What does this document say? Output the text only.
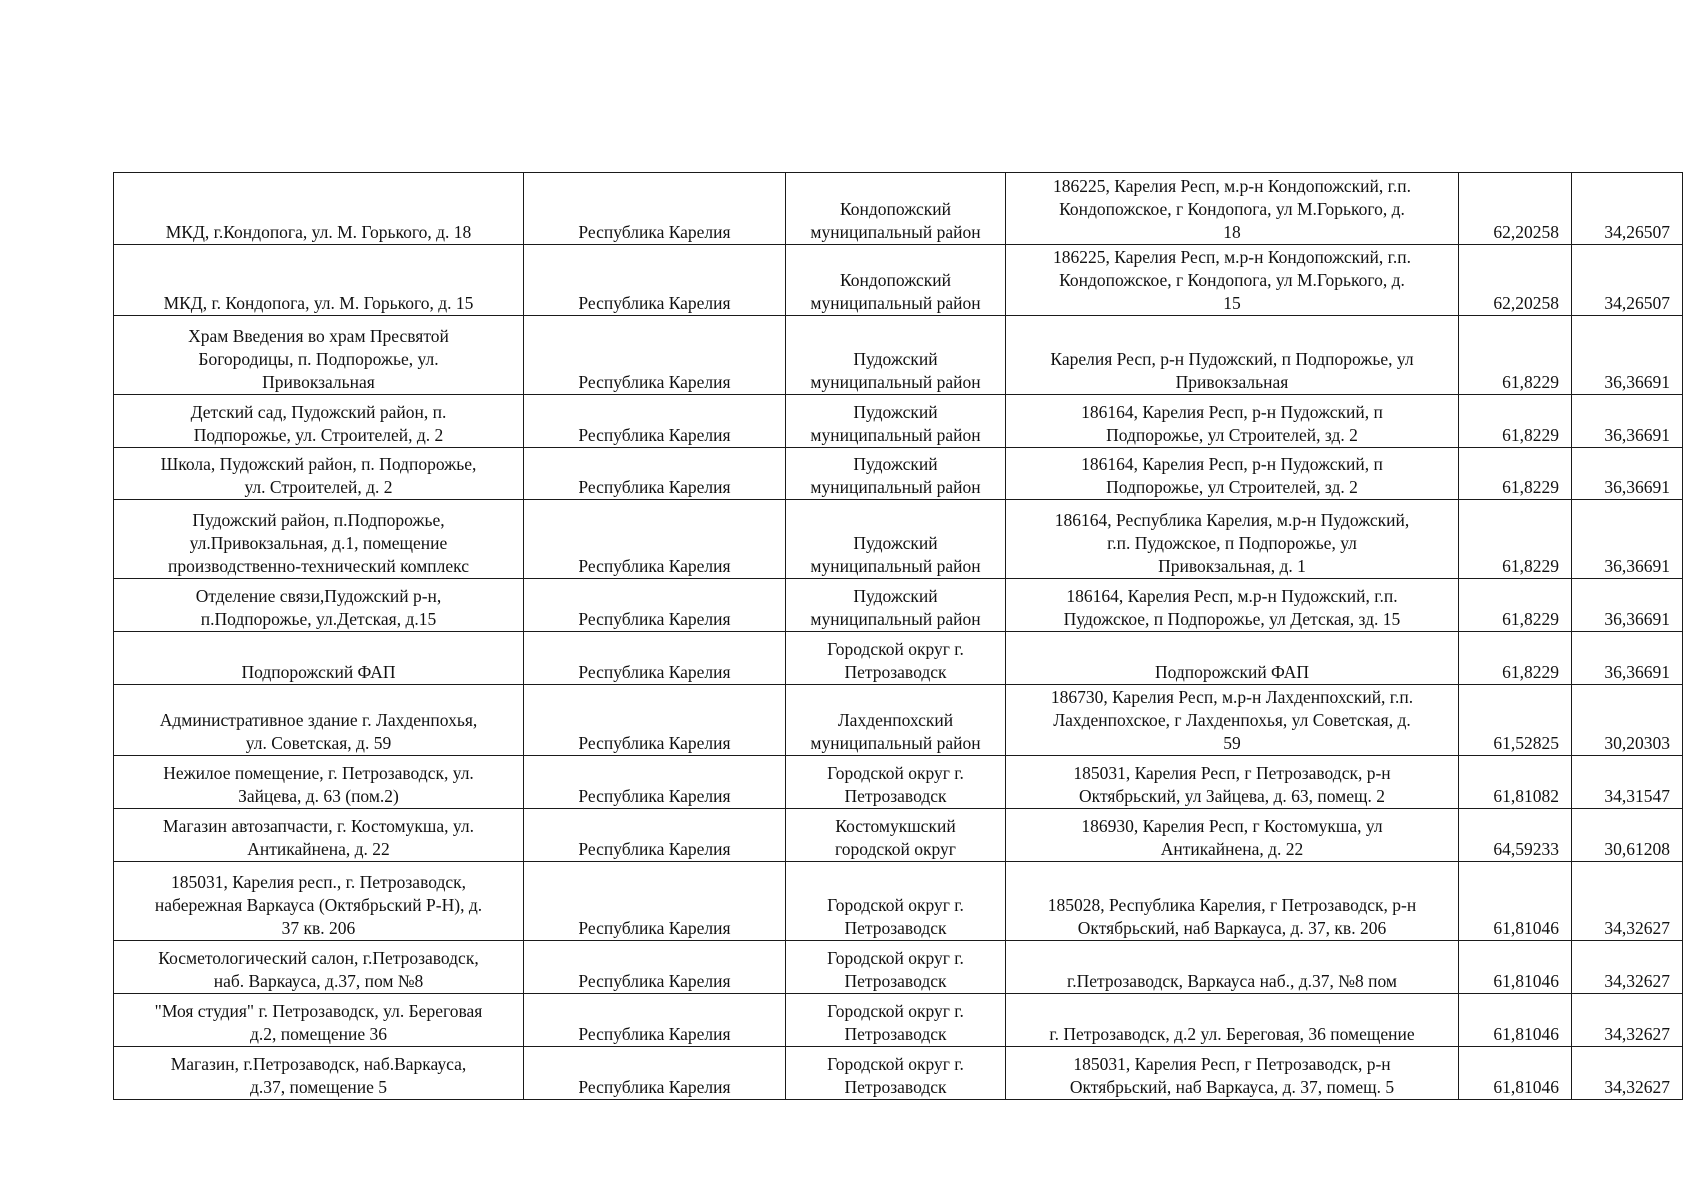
МКД, г.Кондопога, ул. М. Горького, д. 18	Республика Карелия	Кондопожский
муниципальный район	186225, Карелия Респ, м.р-н Кондопожский, г.п.
Кондопожское, г Кондопога, ул М.Горького, д.
18	62,20258	34,26507

МКД, г. Кондопога, ул. М. Горького, д. 15	Республика Карелия	Кондопожский
муниципальный район	186225, Карелия Респ, м.р-н Кондопожский, г.п.
Кондопожское, г Кондопога, ул М.Горького, д.
15	62,20258	34,26507

Храм Введения во храм Пресвятой
Богородицы, п. Подпорожье, ул.
Привокзальная	Республика Карелия	Пудожский
муниципальный район	Карелия Респ, р-н Пудожский, п Подпорожье, ул
Привокзальная	61,8229	36,36691

Детский сад, Пудожский район, п.
Подпорожье, ул. Строителей, д. 2	Республика Карелия	Пудожский
муниципальный район	186164, Карелия Респ, р-н Пудожский, п
Подпорожье, ул Строителей, зд. 2	61,8229	36,36691

Школа, Пудожский район, п. Подпорожье,
ул. Строителей, д. 2	Республика Карелия	Пудожский
муниципальный район	186164, Карелия Респ, р-н Пудожский, п
Подпорожье, ул Строителей, зд. 2	61,8229	36,36691

Пудожский район, п.Подпорожье,
ул.Привокзальная, д.1, помещение
производственно-технический комплекс	Республика Карелия	Пудожский
муниципальный район	186164, Республика Карелия, м.р-н Пудожский,
г.п. Пудожское, п Подпорожье, ул
Привокзальная, д. 1	61,8229	36,36691

Отделение связи,Пудожский р-н,
п.Подпорожье, ул.Детская, д.15	Республика Карелия	Пудожский
муниципальный район	186164, Карелия Респ, м.р-н Пудожский, г.п.
Пудожское, п Подпорожье, ул Детская, зд. 15	61,8229	36,36691

Подпорожский ФАП	Республика Карелия	Городской округ г.
Петрозаводск	Подпорожский ФАП	61,8229	36,36691

Административное здание г. Лахденпохья,
ул. Советская, д. 59	Республика Карелия	Лахденпохский
муниципальный район	186730, Карелия Респ, м.р-н Лахденпохский, г.п.
Лахденпохское, г Лахденпохья, ул Советская, д.
59	61,52825	30,20303

Нежилое помещение, г. Петрозаводск, ул.
Зайцева, д. 63 (пом.2)	Республика Карелия	Городской округ г.
Петрозаводск	185031, Карелия Респ, г Петрозаводск, р-н
Октябрьский, ул Зайцева, д. 63, помещ. 2	61,81082	34,31547

Магазин автозапчасти, г. Костомукша, ул.
Антикайнена, д. 22	Республика Карелия	Костомукшский
городской округ	186930, Карелия Респ, г Костомукша, ул
Антикайнена, д. 22	64,59233	30,61208

185031, Карелия респ., г. Петрозаводск,
набережная Варкауса (Октябрьский Р-Н), д.
37 кв. 206	Республика Карелия	Городской округ г.
Петрозаводск	185028, Республика Карелия, г Петрозаводск, р-н
Октябрьский, наб Варкауса, д. 37, кв. 206	61,81046	34,32627

Косметологический салон, г.Петрозаводск,
наб. Варкауса, д.37, пом №8	Республика Карелия	Городской округ г.
Петрозаводск	г.Петрозаводск, Варкауса наб., д.37, №8 пом	61,81046	34,32627

"Моя студия" г. Петрозаводск, ул. Береговая
д.2, помещение 36	Республика Карелия	Городской округ г.
Петрозаводск	г. Петрозаводск, д.2 ул. Береговая, 36 помещение	61,81046	34,32627

Магазин, г.Петрозаводск, наб.Варкауса,
д.37, помещение 5	Республика Карелия	Городской округ г.
Петрозаводск	185031, Карелия Респ, г Петрозаводск, р-н
Октябрьский, наб Варкауса, д. 37, помещ. 5	61,81046	34,32627
